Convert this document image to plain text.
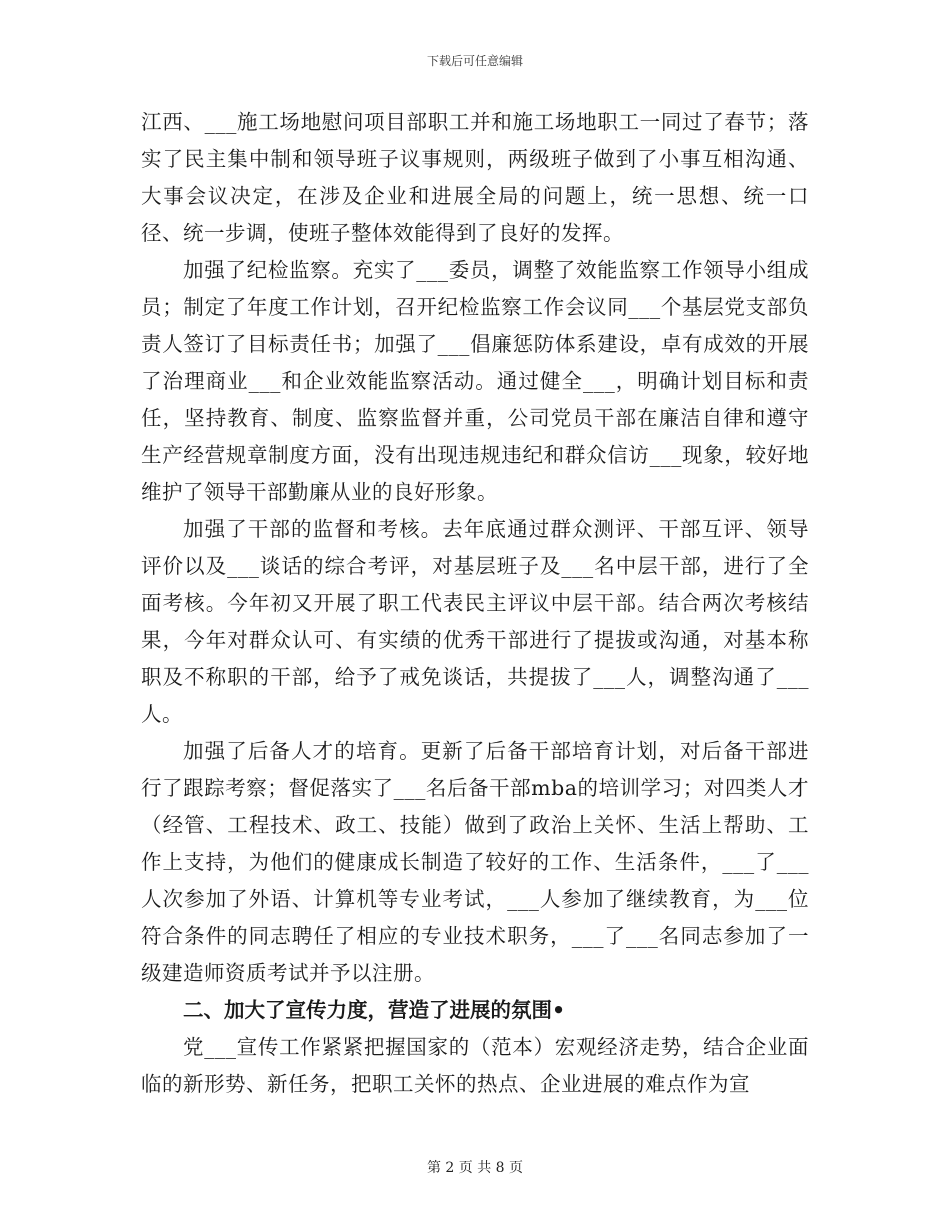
下载后可任意编辑

江西、___施工场地慰问项目部职工并和施工场地职工一同过了春节；落实了民主集中制和领导班子议事规则，两级班子做到了小事互相沟通、大事会议决定，在涉及企业和进展全局的问题上，统一思想、统一口径、统一步调，使班子整体效能得到了良好的发挥。

加强了纪检监察。充实了___委员，调整了效能监察工作领导小组成员；制定了年度工作计划，召开纪检监察工作会议同___个基层党支部负责人签订了目标责任书；加强了___倡廉惩防体系建设，卓有成效的开展了治理商业___和企业效能监察活动。通过健全___，明确计划目标和责任，坚持教育、制度、监察监督并重，公司党员干部在廉洁自律和遵守生产经营规章制度方面，没有出现违规违纪和群众信访___现象，较好地维护了领导干部勤廉从业的良好形象。

加强了干部的监督和考核。去年底通过群众测评、干部互评、领导评价以及___谈话的综合考评，对基层班子及___名中层干部，进行了全面考核。今年初又开展了职工代表民主评议中层干部。结合两次考核结果，今年对群众认可、有实绩的优秀干部进行了提拔或沟通，对基本称职及不称职的干部，给予了戒免谈话，共提拔了___人，调整沟通了___人。

加强了后备人才的培育。更新了后备干部培育计划，对后备干部进行了跟踪考察；督促落实了___名后备干部mba的培训学习；对四类人才（经管、工程技术、政工、技能）做到了政治上关怀、生活上帮助、工作上支持，为他们的健康成长制造了较好的工作、生活条件，___了___人次参加了外语、计算机等专业考试，___人参加了继续教育，为___位符合条件的同志聘任了相应的专业技术职务，___了___名同志参加了一级建造师资质考试并予以注册。

二、加大了宣传力度，营造了进展的氛围•

党___宣传工作紧紧把握国家的（范本）宏观经济走势，结合企业面临的新形势、新任务，把职工关怀的热点、企业进展的难点作为宣

第 2 页 共 8 页
